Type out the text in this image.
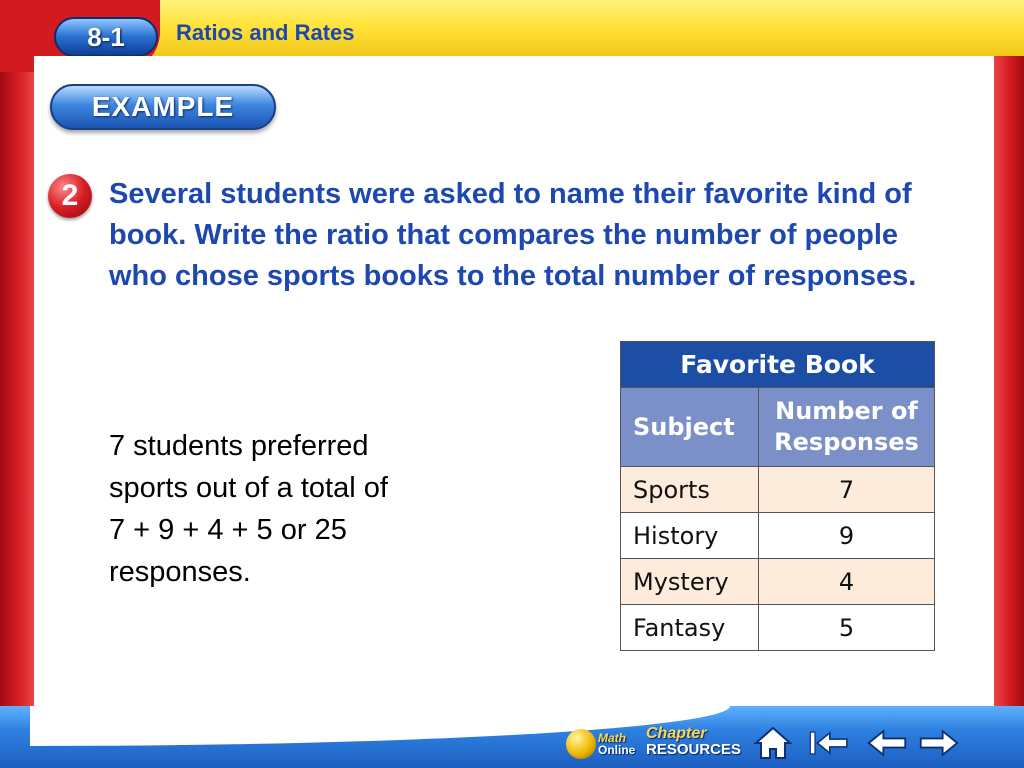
8-1	Ratios and Rates
EXAMPLE
2	Several students were asked to name their favorite kind of book. Write the ratio that compares the number of people who chose sports books to the total number of responses.
7 students preferred
sports out of a total of
7 + 9 + 4 + 5 or 25
responses.
Favorite Book	
Subject	Number of Responses
Sports	7
History	9
Mystery	4
Fantasy	5
Math
Online
Chapter
RESOURCES
